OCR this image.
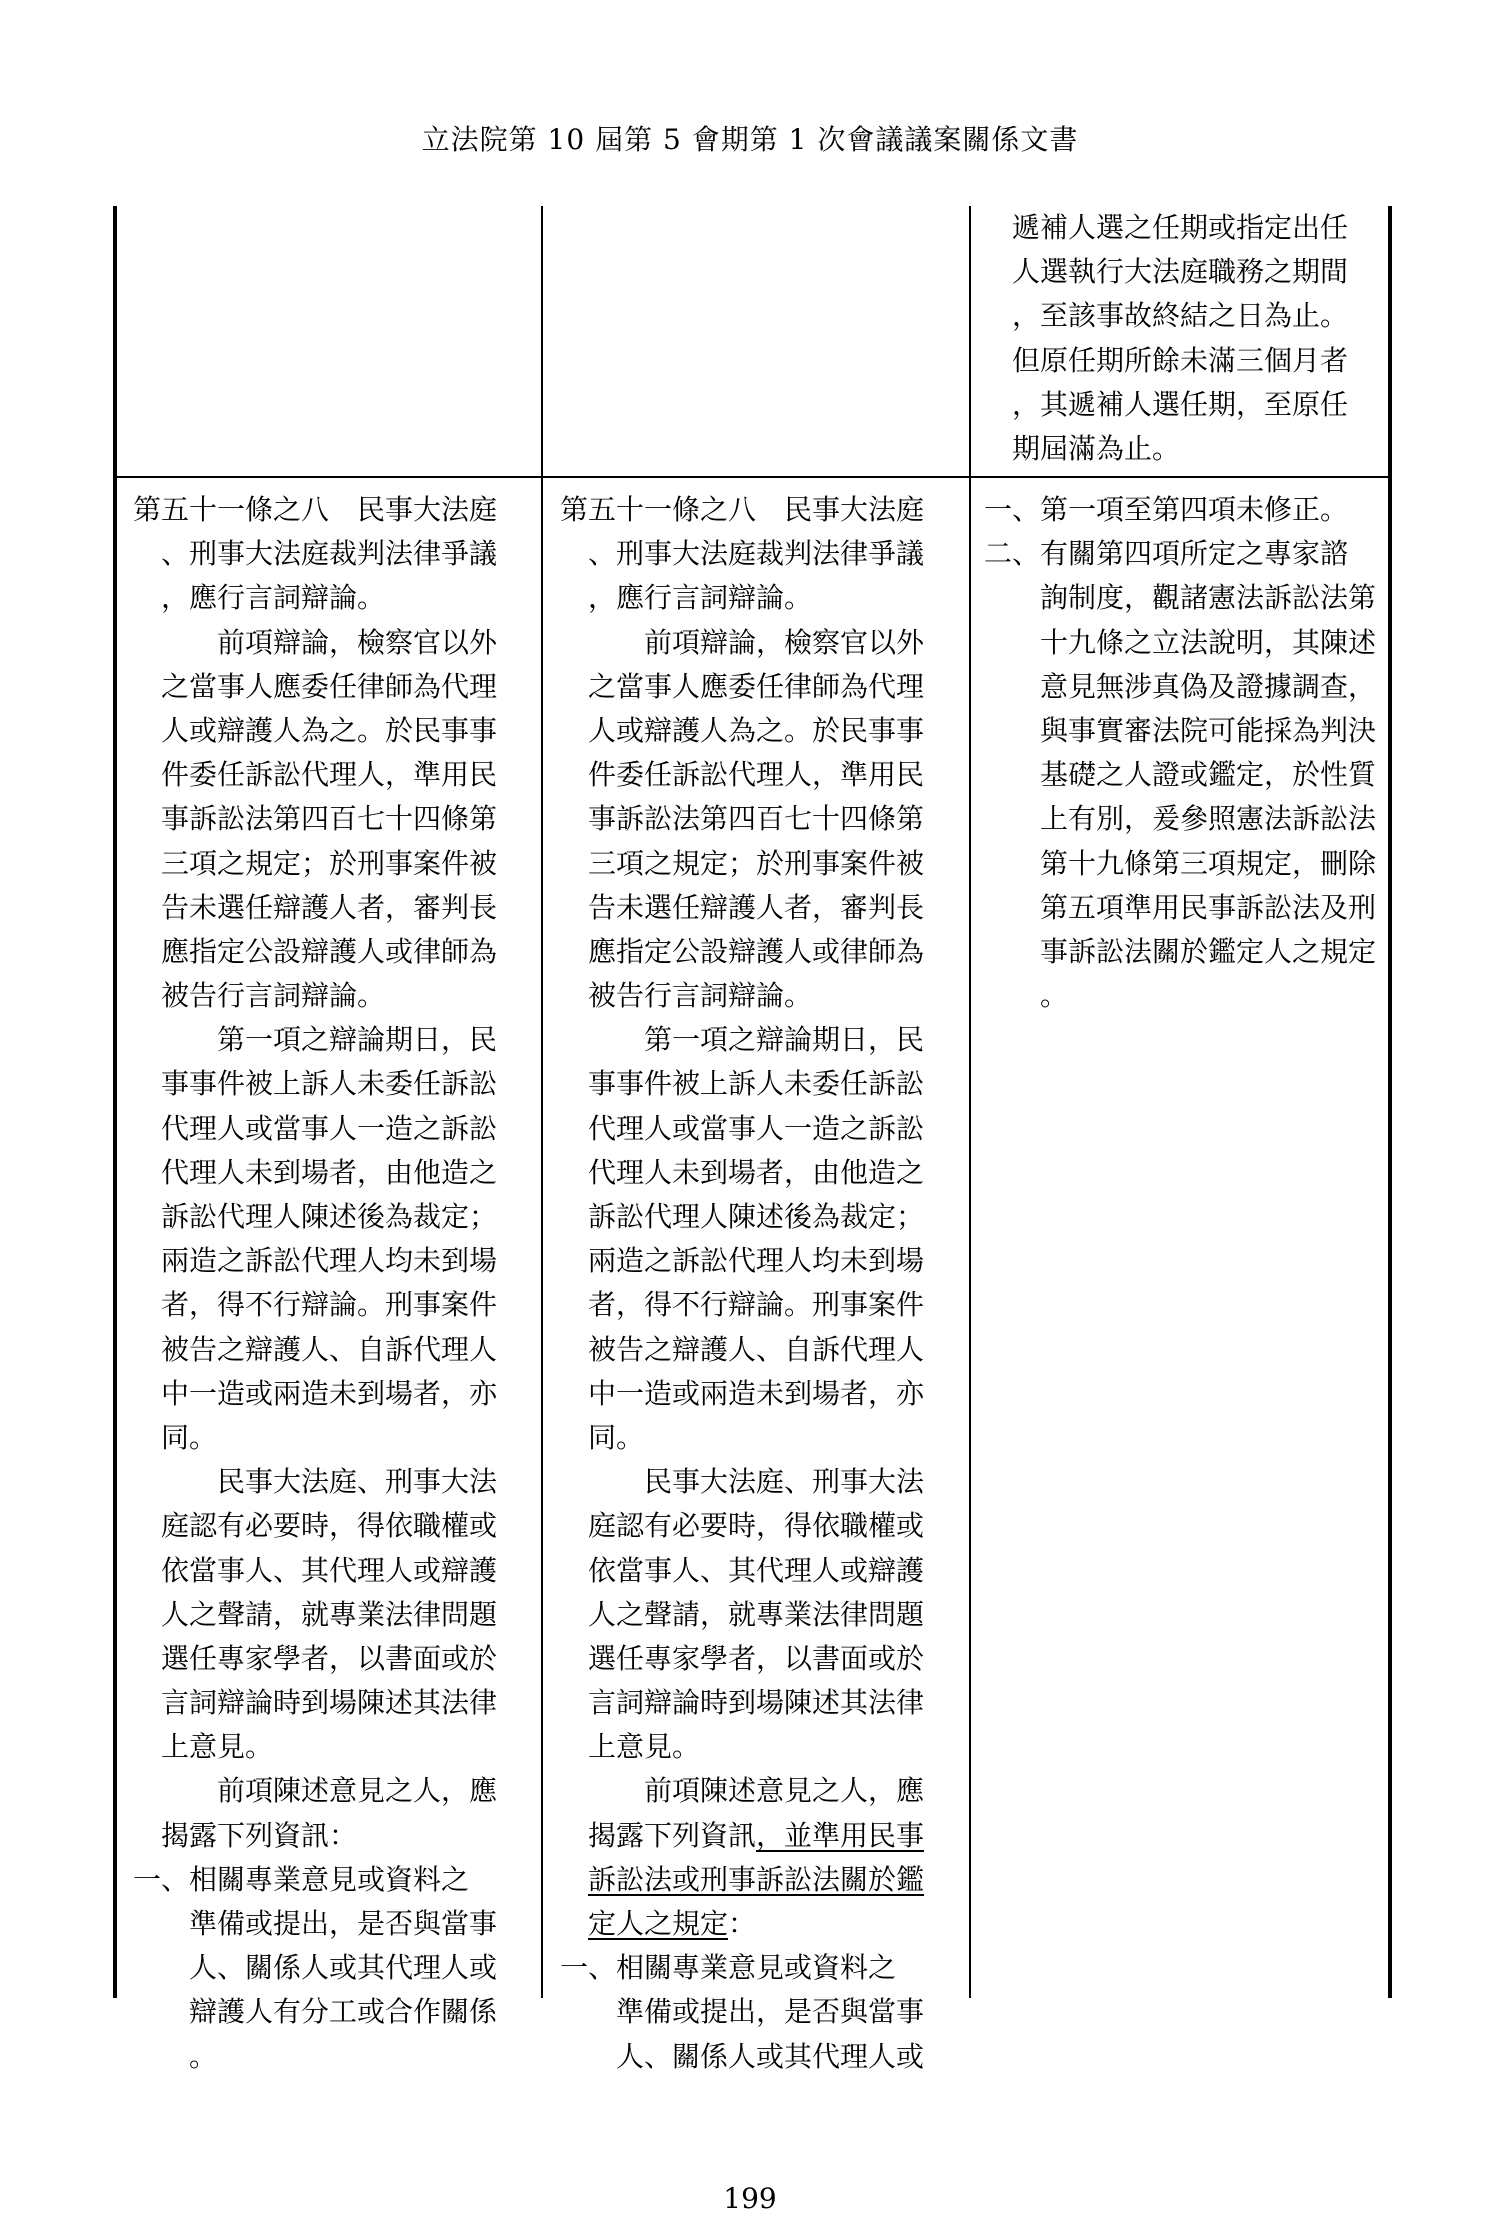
立法院第 10 屆第 5 會期第 1 次會議議案關係文書
遞補人選之任期或指定出任
人選執行大法庭職務之期間
，至該事故終結之日為止。
但原任期所餘未滿三個月者
，其遞補人選任期，至原任
期屆滿為止。
第五十一條之八　民事大法庭
、刑事大法庭裁判法律爭議
，應行言詞辯論。
前項辯論，檢察官以外
之當事人應委任律師為代理
人或辯護人為之。於民事事
件委任訴訟代理人，準用民
事訴訟法第四百七十四條第
三項之規定；於刑事案件被
告未選任辯護人者，審判長
應指定公設辯護人或律師為
被告行言詞辯論。
第一項之辯論期日，民
事事件被上訴人未委任訴訟
代理人或當事人一造之訴訟
代理人未到場者，由他造之
訴訟代理人陳述後為裁定；
兩造之訴訟代理人均未到場
者，得不行辯論。刑事案件
被告之辯護人、自訴代理人
中一造或兩造未到場者，亦
同。
民事大法庭、刑事大法
庭認有必要時，得依職權或
依當事人、其代理人或辯護
人之聲請，就專業法律問題
選任專家學者，以書面或於
言詞辯論時到場陳述其法律
上意見。
前項陳述意見之人，應
揭露下列資訊：
一、相關專業意見或資料之
準備或提出，是否與當事
人、關係人或其代理人或
辯護人有分工或合作關係
。
第五十一條之八　民事大法庭
、刑事大法庭裁判法律爭議
，應行言詞辯論。
前項辯論，檢察官以外
之當事人應委任律師為代理
人或辯護人為之。於民事事
件委任訴訟代理人，準用民
事訴訟法第四百七十四條第
三項之規定；於刑事案件被
告未選任辯護人者，審判長
應指定公設辯護人或律師為
被告行言詞辯論。
第一項之辯論期日，民
事事件被上訴人未委任訴訟
代理人或當事人一造之訴訟
代理人未到場者，由他造之
訴訟代理人陳述後為裁定；
兩造之訴訟代理人均未到場
者，得不行辯論。刑事案件
被告之辯護人、自訴代理人
中一造或兩造未到場者，亦
同。
民事大法庭、刑事大法
庭認有必要時，得依職權或
依當事人、其代理人或辯護
人之聲請，就專業法律問題
選任專家學者，以書面或於
言詞辯論時到場陳述其法律
上意見。
前項陳述意見之人，應
揭露下列資訊，並準用民事
訴訟法或刑事訴訟法關於鑑
定人之規定：
一、相關專業意見或資料之
準備或提出，是否與當事
人、關係人或其代理人或
一、第一項至第四項未修正。
二、有關第四項所定之專家諮
詢制度，觀諸憲法訴訟法第
十九條之立法說明，其陳述
意見無涉真偽及證據調查，
與事實審法院可能採為判決
基礎之人證或鑑定，於性質
上有別，爰參照憲法訴訟法
第十九條第三項規定，刪除
第五項準用民事訴訟法及刑
事訴訟法關於鑑定人之規定
。
199
